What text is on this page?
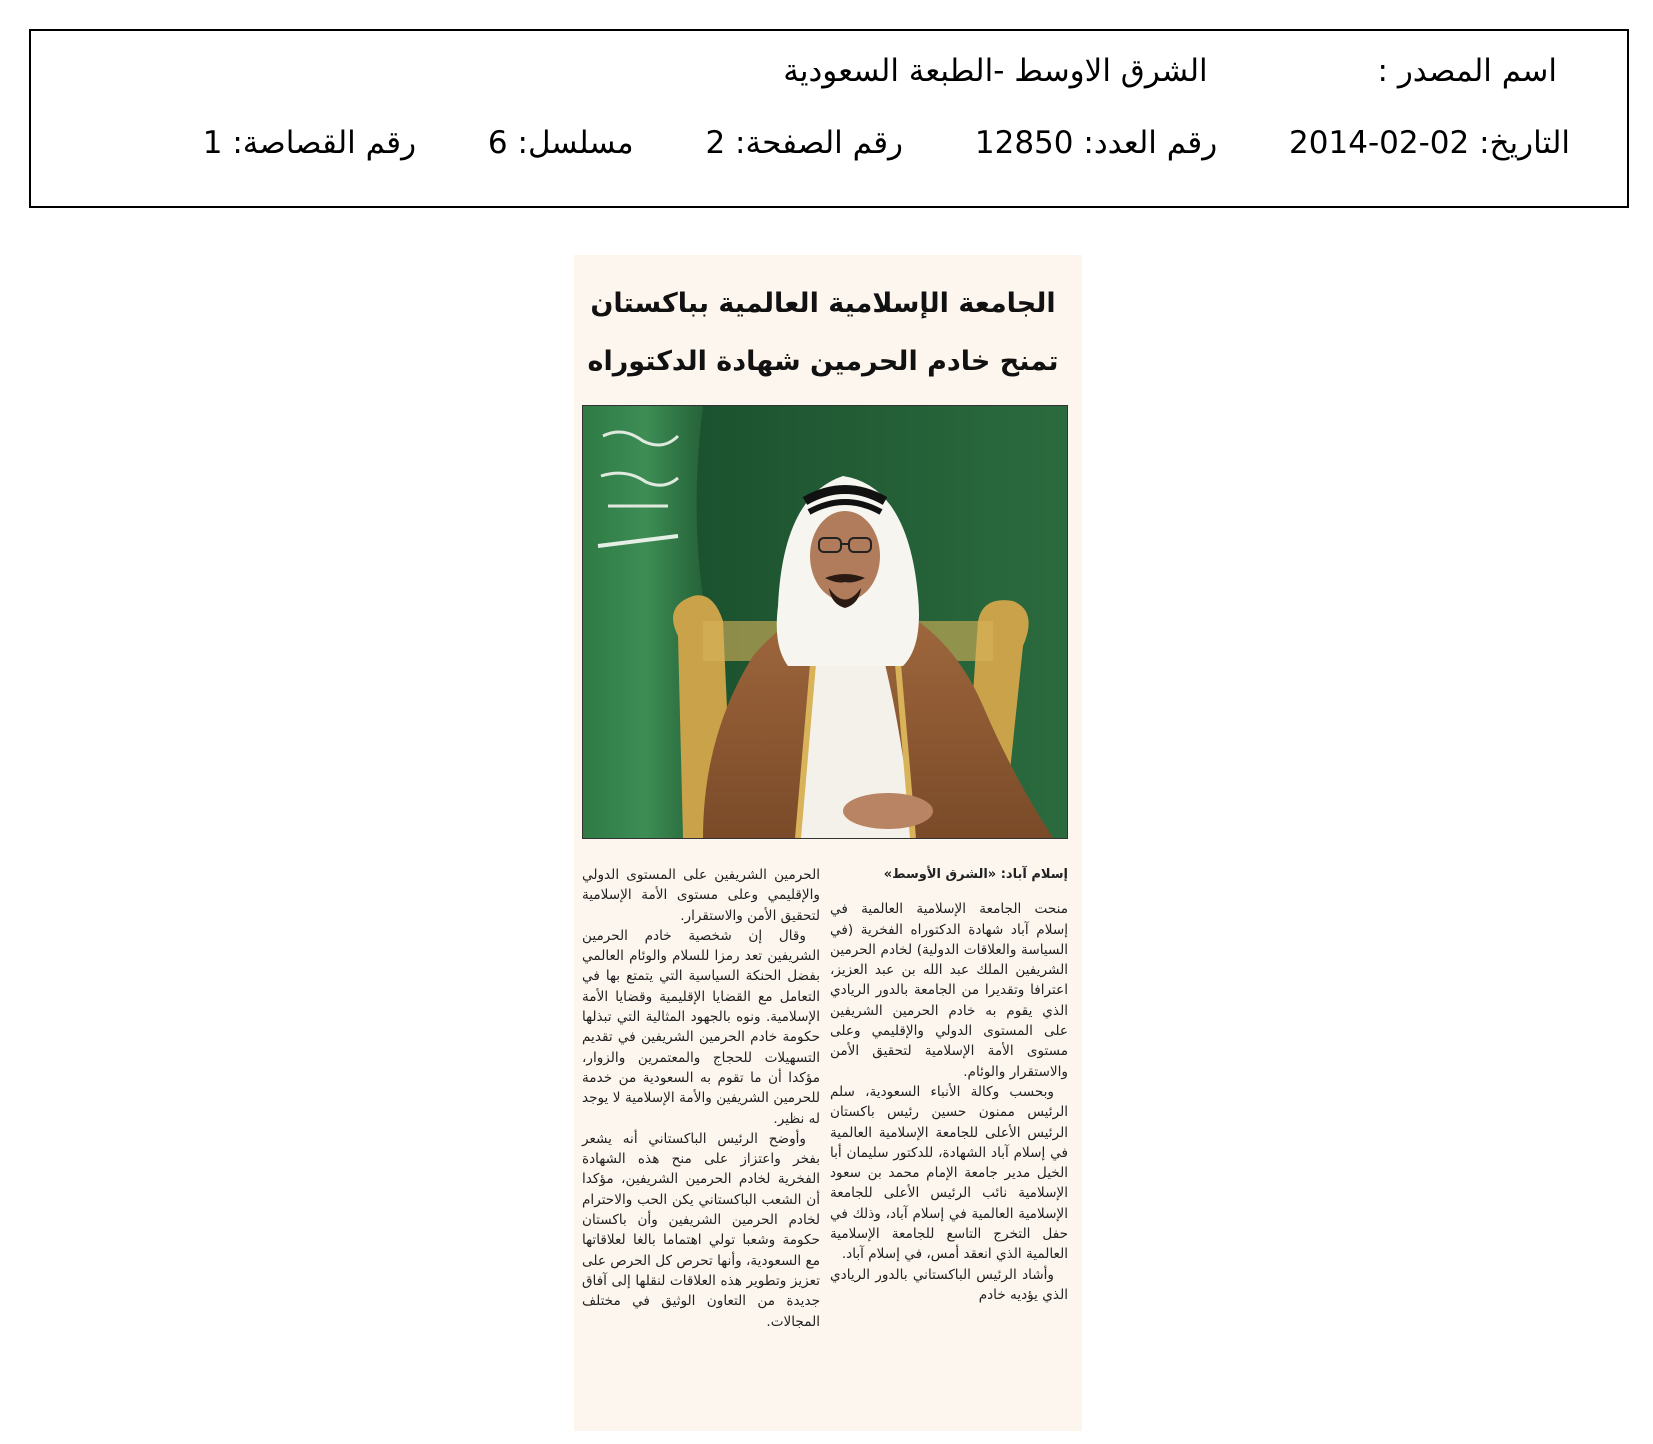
اسم المصدر : الشرق الاوسط -الطبعة السعودية
التاريخ: 02-02-2014 رقم العدد: 12850 رقم الصفحة: 2 مسلسل: 6 رقم القصاصة: 1
الجامعة الإسلامية العالمية بباكستان تمنح خادم الحرمين شهادة الدكتوراه
إسلام آباد: «الشرق الأوسط»

منحت الجامعة الإسلامية العالمية في إسلام آباد شهادة الدكتوراه الفخرية (في السياسة والعلاقات الدولية) لخادم الحرمين الشريفين الملك عبد الله بن عبد العزيز، اعترافا وتقديرا من الجامعة بالدور الريادي الذي يقوم به خادم الحرمين الشريفين على المستوى الدولي والإقليمي وعلى مستوى الأمة الإسلامية لتحقيق الأمن والاستقرار والوئام.

وبحسب وكالة الأنباء السعودية، سلم الرئيس ممنون حسين رئيس باكستان الرئيس الأعلى للجامعة الإسلامية العالمية في إسلام آباد الشهادة، للدكتور سليمان أبا الخيل مدير جامعة الإمام محمد بن سعود الإسلامية نائب الرئيس الأعلى للجامعة الإسلامية العالمية في إسلام آباد، وذلك في حفل التخرج التاسع للجامعة الإسلامية العالمية الذي انعقد أمس، في إسلام آباد.

وأشاد الرئيس الباكستاني بالدور الريادي الذي يؤديه خادم

الحرمين الشريفين على المستوى الدولي والإقليمي وعلى مستوى الأمة الإسلامية لتحقيق الأمن والاستقرار.

وقال إن شخصية خادم الحرمين الشريفين تعد رمزا للسلام والوئام العالمي بفضل الحنكة السياسية التي يتمتع بها في التعامل مع القضايا الإقليمية وقضايا الأمة الإسلامية. ونوه بالجهود المثالية التي تبذلها حكومة خادم الحرمين الشريفين في تقديم التسهيلات للحجاج والمعتمرين والزوار، مؤكدا أن ما تقوم به السعودية من خدمة للحرمين الشريفين والأمة الإسلامية لا يوجد له نظير.

وأوضح الرئيس الباكستاني أنه يشعر بفخر واعتزاز على منح هذه الشهادة الفخرية لخادم الحرمين الشريفين، مؤكدا أن الشعب الباكستاني يكن الحب والاحترام لخادم الحرمين الشريفين وأن باكستان حكومة وشعبا تولي اهتماما بالغا لعلاقاتها مع السعودية، وأنها تحرص كل الحرص على تعزيز وتطوير هذه العلاقات لنقلها إلى آفاق جديدة من التعاون الوثيق في مختلف المجالات.
